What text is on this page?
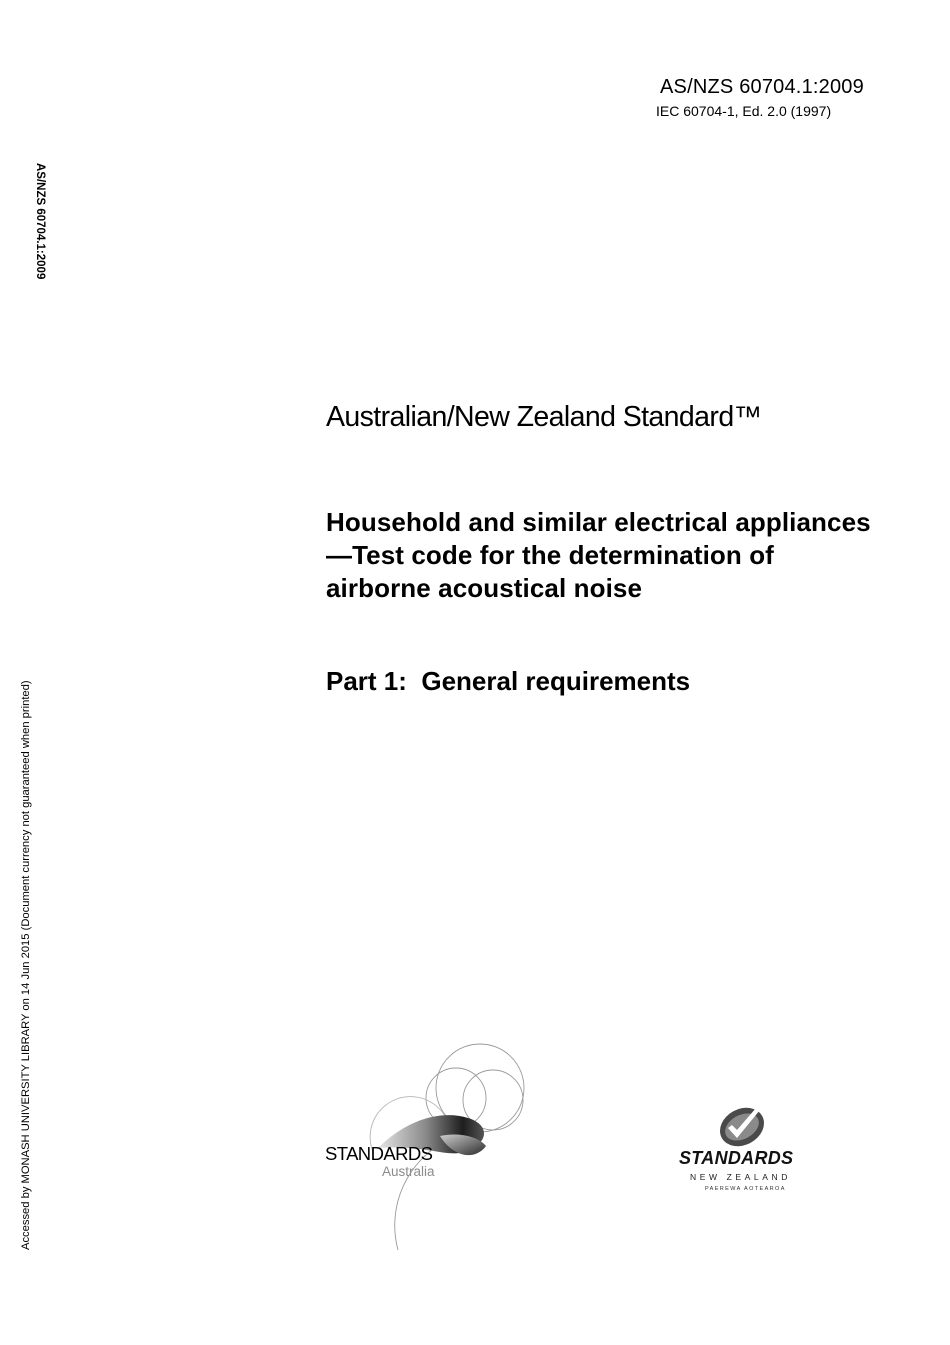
AS/NZS 60704.1:2009
IEC 60704-1, Ed. 2.0 (1997)
AS/NZS 60704.1:2009
Accessed by MONASH UNIVERSITY LIBRARY on 14 Jun 2015 (Document currency not guaranteed when printed)
Australian/New Zealand Standard™
Household and similar electrical appliances—Test code for the determination of airborne acoustical noise
Part 1:  General requirements
STANDARDS
Australia
STANDARDS
NEW ZEALAND
PAEREWA AOTEAROA
